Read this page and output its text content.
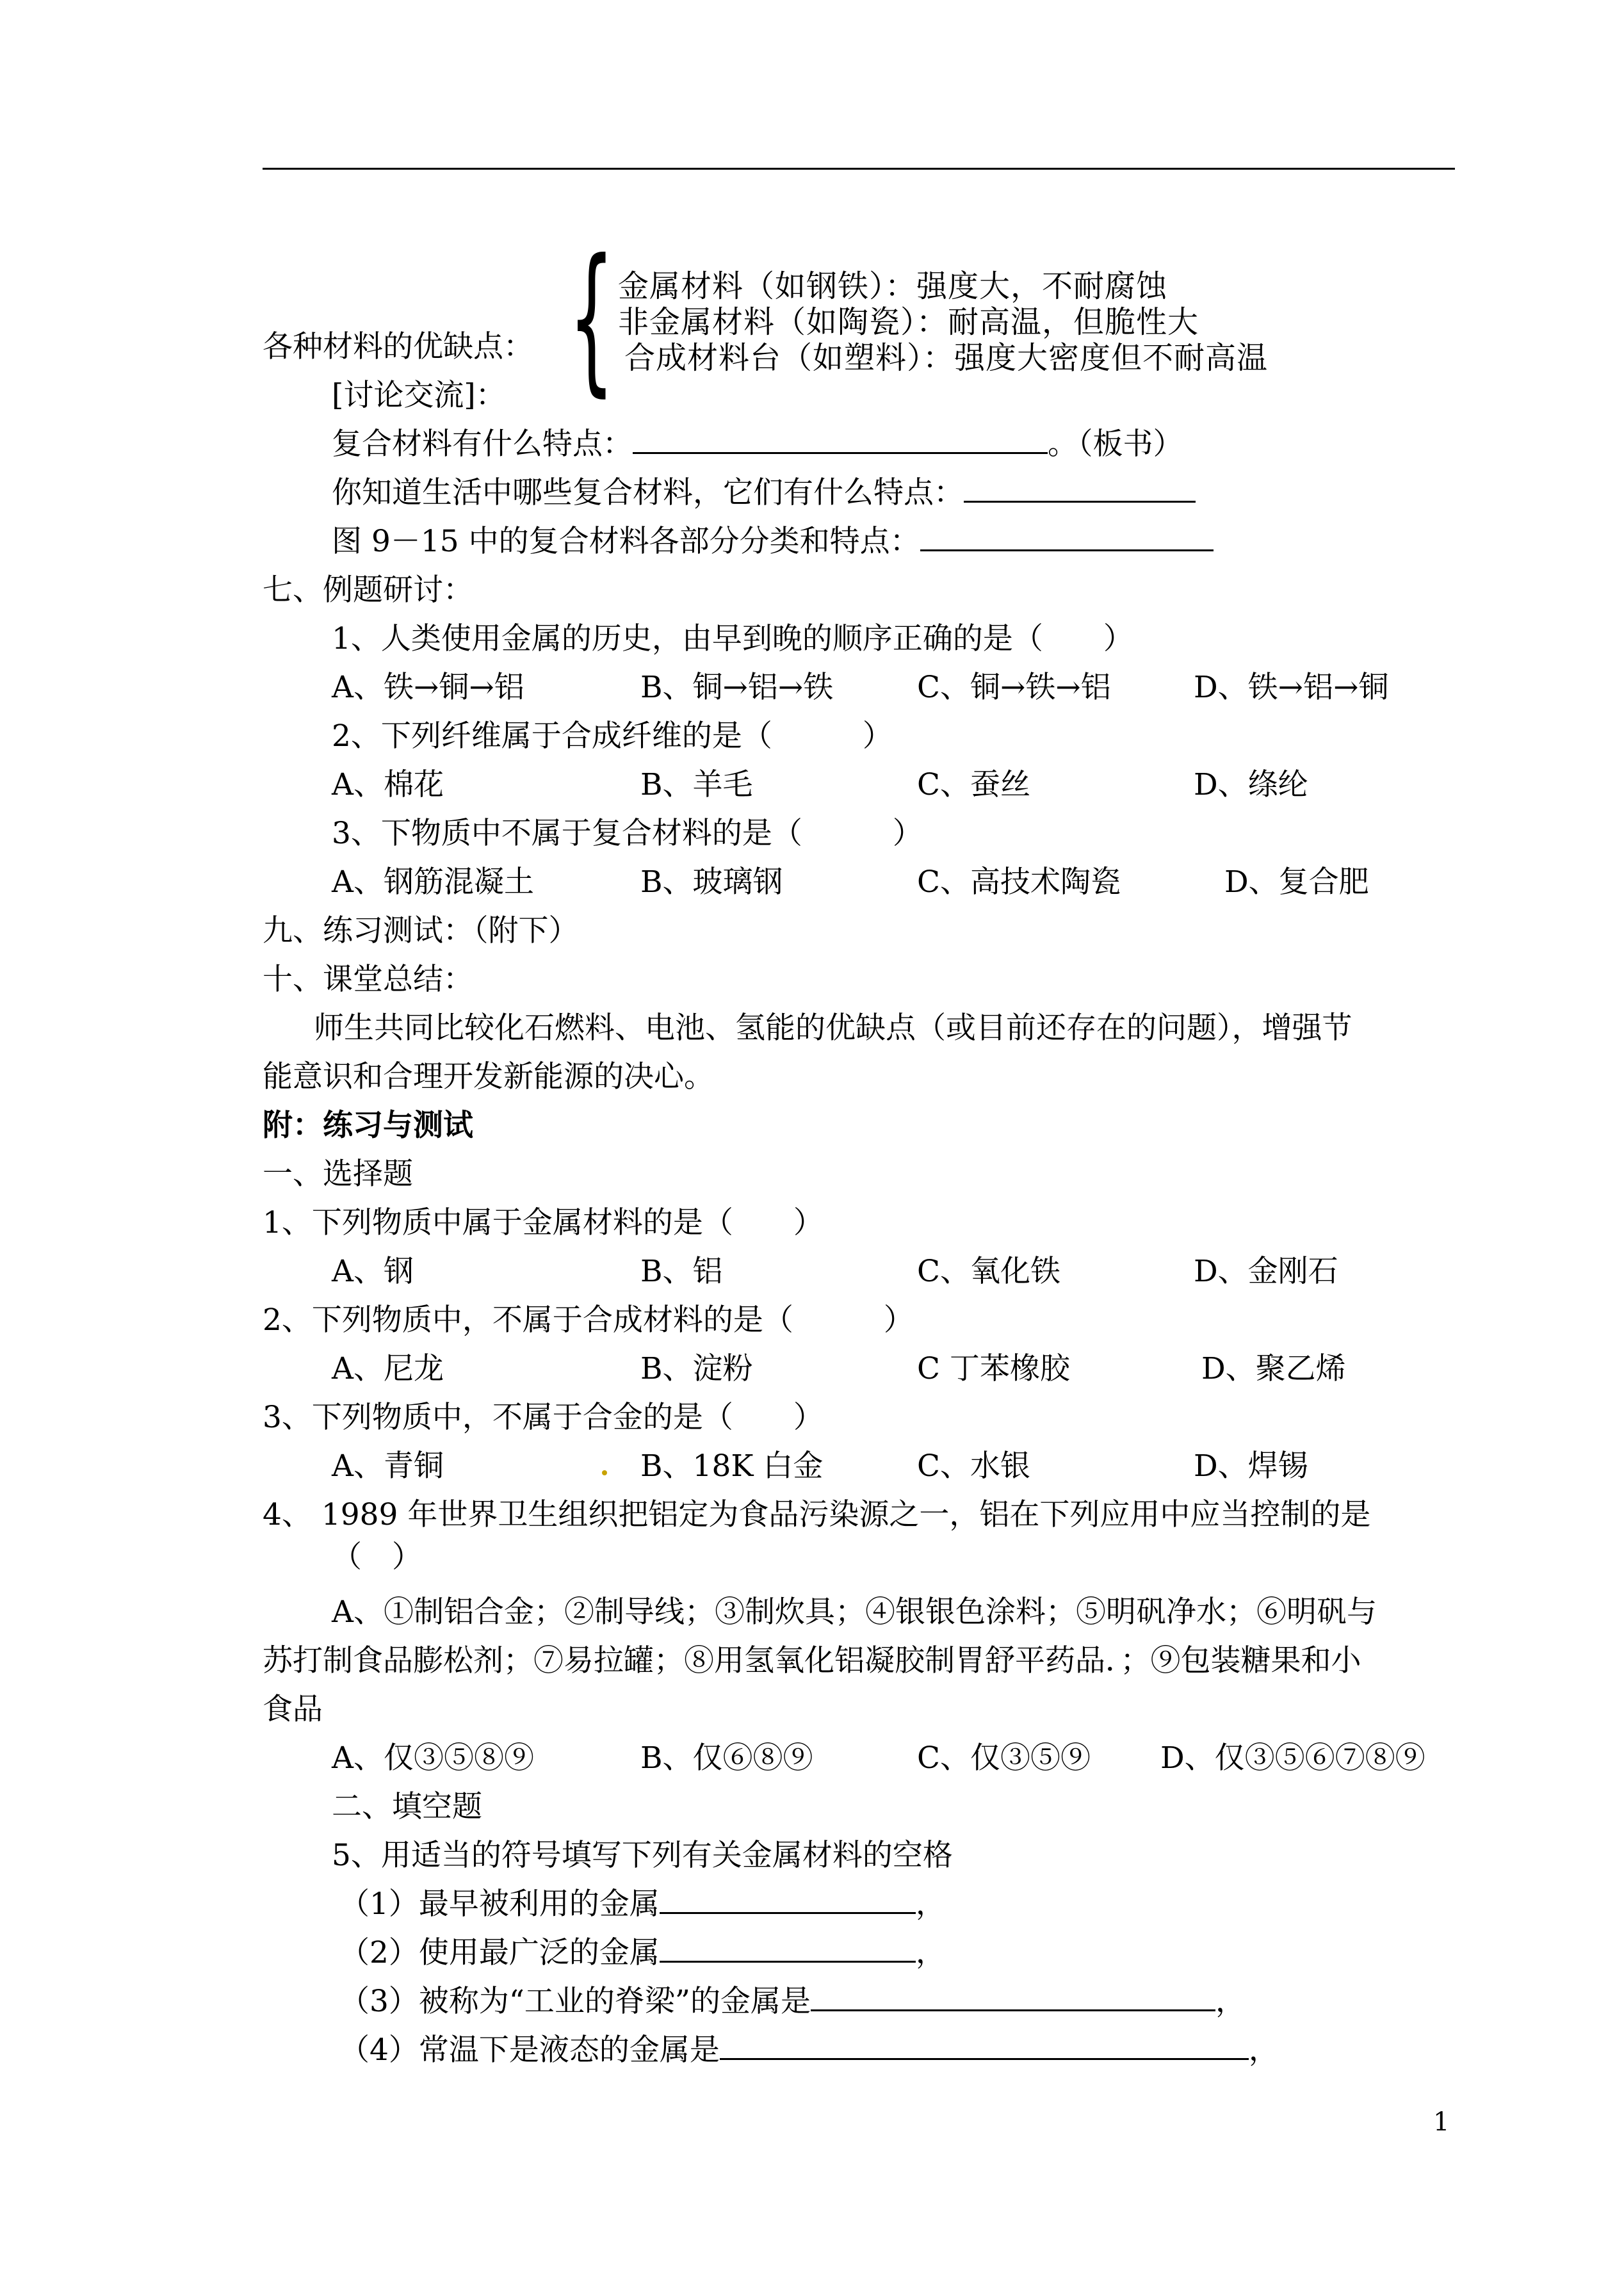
各种材料的优缺点： { 金属材料（如钢铁）：强度大，不耐腐蚀
非金属材料（如陶瓷）：耐高温，但脆性大
合成材料台（如塑料）：强度大密度但不耐高温
[讨论交流]：
复合材料有什么特点：	。（板书）
你知道生活中哪些复合材料，它们有什么特点：
图 9－15 中的复合材料各部分分类和特点：
七、例题研讨：
1、人类使用金属的历史，由早到晚的顺序正确的是（　　）
A、铁→铜→铝	B、铜→铝→铁	C、铜→铁→铝	D、铁→铝→铜
2、下列纤维属于合成纤维的是（　　　）
A、棉花	B、羊毛	C、蚕丝	D、绦纶
3、下物质中不属于复合材料的是（　　　）
A、钢筋混凝土	B、玻璃钢	C、高技术陶瓷	D、复合肥
九、练习测试：（附下）
十、课堂总结：
师生共同比较化石燃料、电池、氢能的优缺点（或目前还存在的问题），增强节
能意识和合理开发新能源的决心。
附：练习与测试
一、选择题
1、下列物质中属于金属材料的是（　　）
A、钢	B、铝	C、氧化铁	D、金刚石
2、下列物质中，不属于合成材料的是（　　　）
A、尼龙	B、淀粉	C 丁苯橡胶	D、聚乙烯
3、下列物质中，不属于合金的是（　　）
A、青铜	B、18K 白金	C、水银	D、焊锡
4、 1989 年世界卫生组织把铝定为食品污染源之一，铝在下列应用中应当控制的是
（　）
A、①制铝合金；②制导线；③制炊具；④银银色涂料；⑤明矾净水；⑥明矾与
苏打制食品膨松剂；⑦易拉罐；⑧用氢氧化铝凝胶制胃舒平药品．；⑨包装糖果和小
食品
A、仅③⑤⑧⑨	B、仅⑥⑧⑨	C、仅③⑤⑨ D、仅③⑤⑥⑦⑧⑨
二、填空题
5、用适当的符号填写下列有关金属材料的空格
（1）最早被利用的金属	，
（2）使用最广泛的金属	，
（3）被称为“工业的脊梁”的金属是	，
（4）常温下是液态的金属是	，
1
